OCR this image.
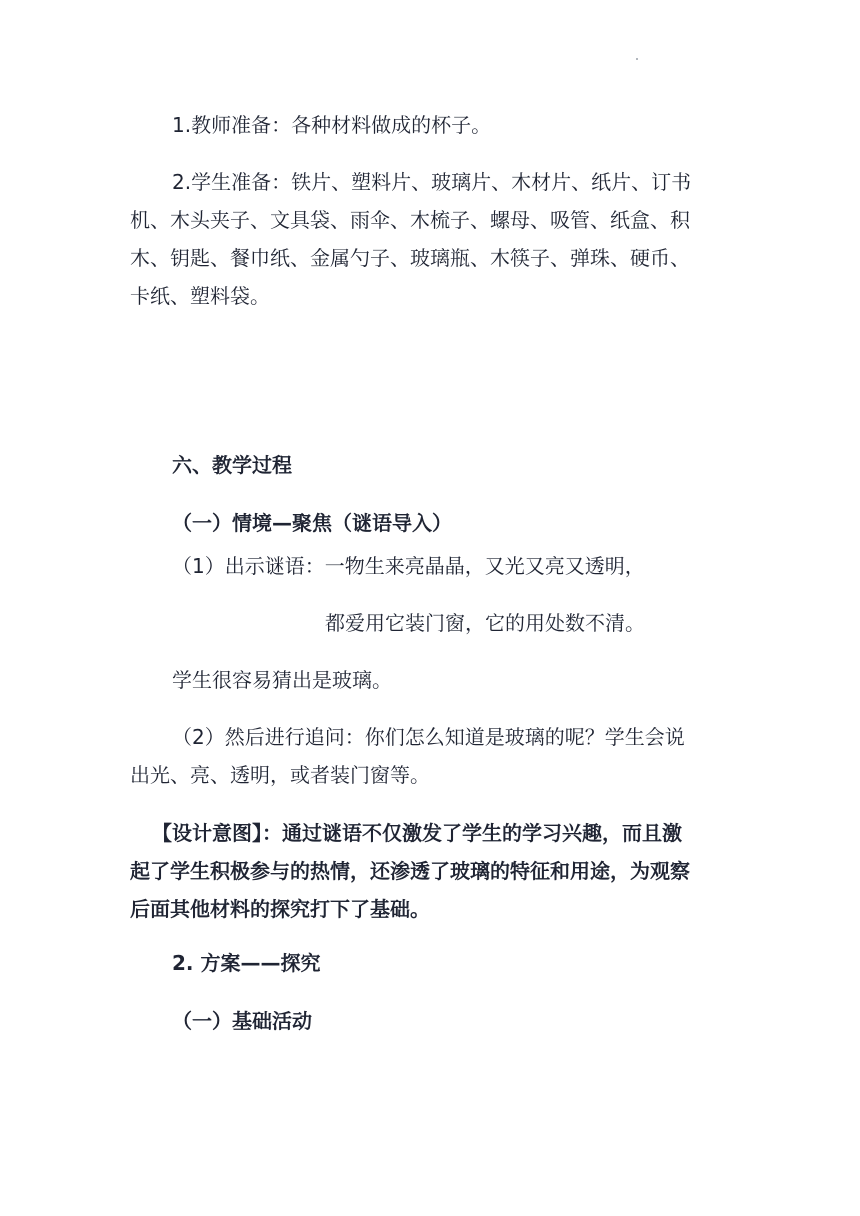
1.教师准备：各种材料做成的杯子。

2.学生准备：铁片、塑料片、玻璃片、木材片、纸片、订书
机、木头夹子、文具袋、雨伞、木梳子、螺母、吸管、纸盒、积
木、钥匙、餐巾纸、金属勺子、玻璃瓶、木筷子、弹珠、硬币、
卡纸、塑料袋。

六、教学过程

（一）情境—聚焦（谜语导入）

（1）出示谜语：一物生来亮晶晶，又光又亮又透明，

都爱用它装门窗，它的用处数不清。

学生很容易猜出是玻璃。

（2）然后进行追问：你们怎么知道是玻璃的呢？学生会说
出光、亮、透明，或者装门窗等。
【设计意图】：通过谜语不仅激发了学生的学习兴趣，而且激
起了学生积极参与的热情，还渗透了玻璃的特征和用途，为观察
后面其他材料的探究打下了基础。

2. 方案——探究

（一）基础活动
